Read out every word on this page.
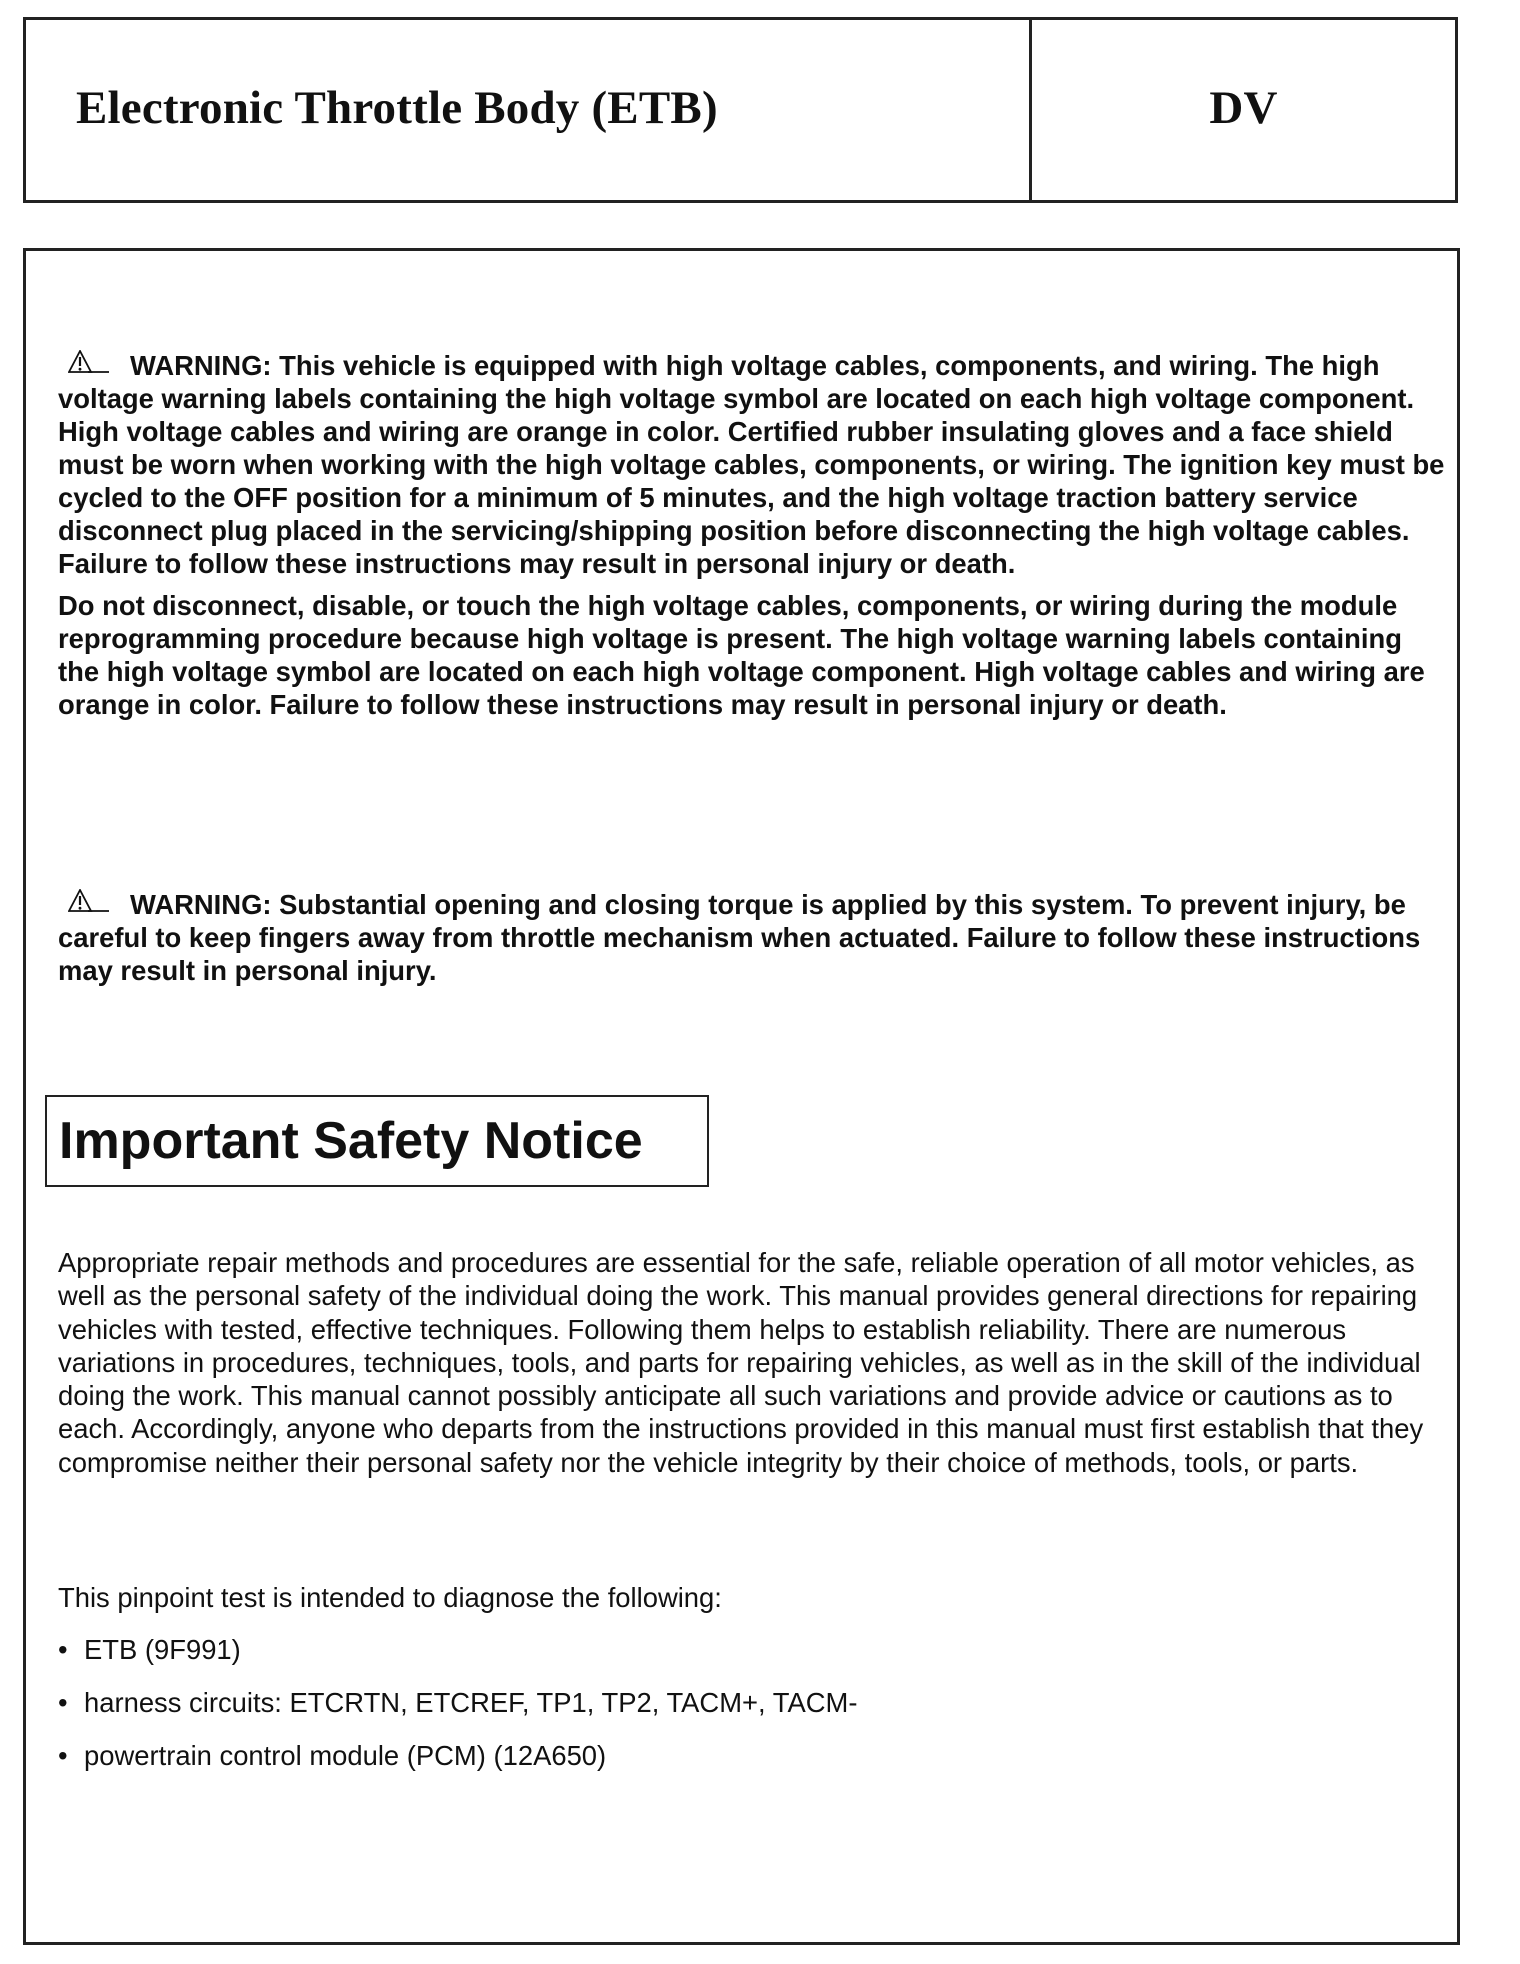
Electronic Throttle Body (ETB)	DV

WARNING: This vehicle is equipped with high voltage cables, components, and wiring. The high voltage warning labels containing the high voltage symbol are located on each high voltage component. High voltage cables and wiring are orange in color. Certified rubber insulating gloves and a face shield must be worn when working with the high voltage cables, components, or wiring. The ignition key must be cycled to the OFF position for a minimum of 5 minutes, and the high voltage traction battery service disconnect plug placed in the servicing/shipping position before disconnecting the high voltage cables. Failure to follow these instructions may result in personal injury or death.

Do not disconnect, disable, or touch the high voltage cables, components, or wiring during the module reprogramming procedure because high voltage is present. The high voltage warning labels containing the high voltage symbol are located on each high voltage component. High voltage cables and wiring are orange in color. Failure to follow these instructions may result in personal injury or death.

WARNING: Substantial opening and closing torque is applied by this system. To prevent injury, be careful to keep fingers away from throttle mechanism when actuated. Failure to follow these instructions may result in personal injury.

Important Safety Notice

Appropriate repair methods and procedures are essential for the safe, reliable operation of all motor vehicles, as well as the personal safety of the individual doing the work. This manual provides general directions for repairing vehicles with tested, effective techniques. Following them helps to establish reliability. There are numerous variations in procedures, techniques, tools, and parts for repairing vehicles, as well as in the skill of the individual doing the work. This manual cannot possibly anticipate all such variations and provide advice or cautions as to each. Accordingly, anyone who departs from the instructions provided in this manual must first establish that they compromise neither their personal safety nor the vehicle integrity by their choice of methods, tools, or parts.

This pinpoint test is intended to diagnose the following:

• ETB (9F991)
• harness circuits: ETCRTN, ETCREF, TP1, TP2, TACM+, TACM-
• powertrain control module (PCM) (12A650)
